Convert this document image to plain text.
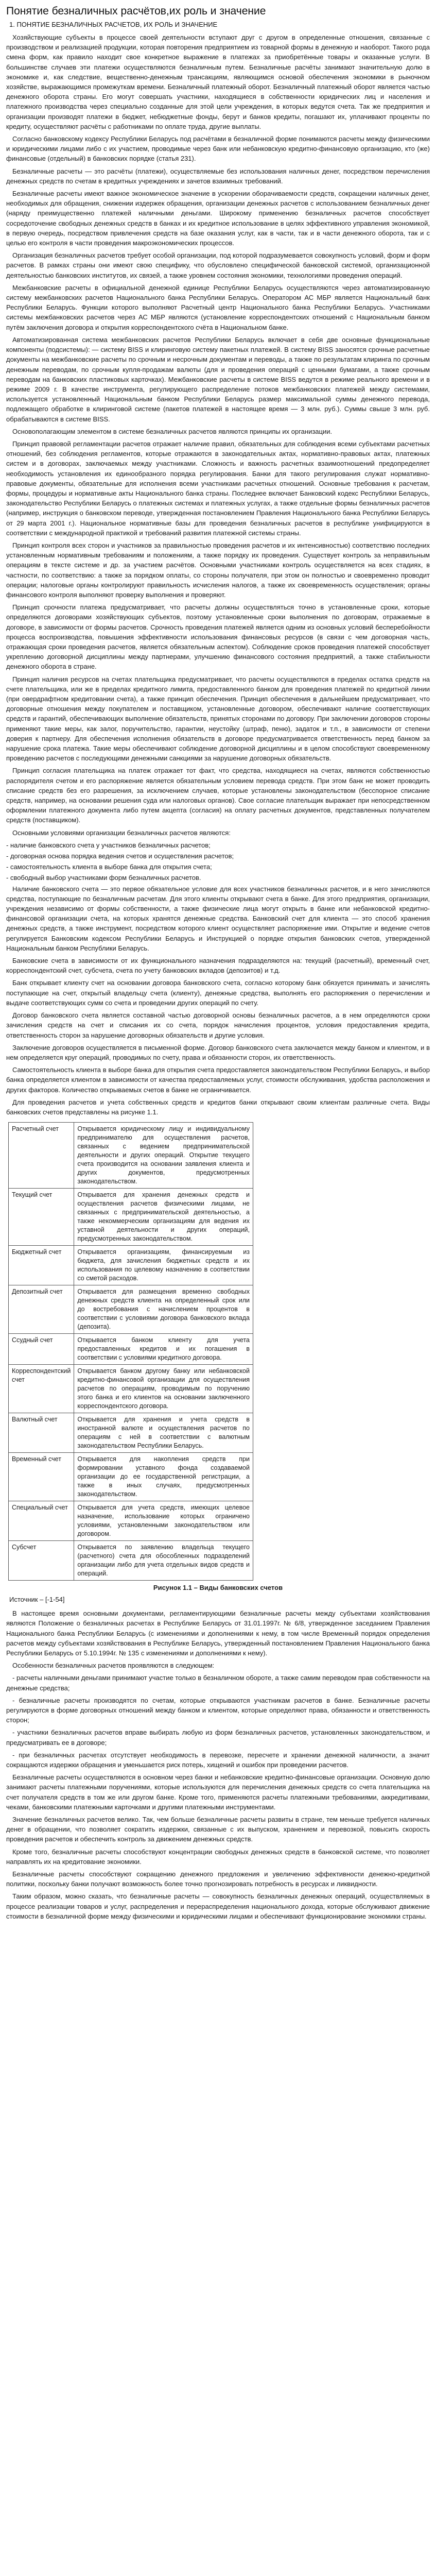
Понятие безналичных расчётов,их роль и значение
1. ПОНЯТИЕ БЕЗНАЛИЧНЫХ РАСЧЕТОВ, ИХ РОЛЬ И ЗНАЧЕНИЕ

Хозяйствующие субъекты в процессе своей деятельности вступают друг с другом в определенные отношения, связанные с производством и реализацией продукции, которая повторения предприятием из товарной формы в денежную и наоборот. Такого рода смена форм, как правило находит свое конкретное выражение в платежах за приобретённые товары и оказанные услуги. В большинстве случаев эти платежи осуществляются безналичным путем. Безналичные расчёты занимают значительную долю в экономике и, как следствие, вещественно-денежным трансакциям, являющимся основой обеспечения экономики в рыночном хозяйстве, выражающимся промежуткам времени. Безналичный платежный оборот. Безналичный платежный оборот является частью денежного оборота страны. Его могут совершать участники, находящиеся в собственности юридических лиц и населения и платежного производства через специально созданные для этой цели учреждения, в которых ведутся счета. Так же предприятия и организации производят платежи в бюджет, небюджетные фонды, берут и банков кредиты, погашают их, уплачивают проценты по кредиту, осуществляют расчёты с работниками по оплате труда, другие выплаты.

Согласно банковскому кодексу Республики Беларусь под расчётами в безналичной форме понимаются расчеты между физическими и юридическими лицами либо с их участием, проводимые через банк или небанковскую кредитно-финансовую организацию, кто (же) финансовые (отдельный) в банковских порядке (статья 231).

Безналичные расчеты — это расчёты (платежи), осуществляемые без использования наличных денег, посредством перечисления денежных средств по счетам в кредитных учреждениях и зачетов взаимных требований.

Безналичные расчеты имеют важное экономическое значение в ускорении оборачиваемости средств, сокращении наличных денег, необходимых для обращения, снижении издержек обращения, организации денежных расчетов с использованием безналичных денег (наряду преимущественно платежей наличными деньгами. Широкому применению безналичных расчетов способствует сосредоточение свободных денежных средств в банках и их кредитное использование в целях эффективного управления экономикой, в первую очередь, посредством привлечения средств на базе оказания услуг, как в части, так и в части денежного оборота, так и с целью его контроля в части проведения макроэкономических процессов.

Организация безналичных расчетов требует особой организации, под которой подразумевается совокупность условий, форм и форм расчетов. В рамках страны они имеют свою специфику, что обусловлено специфической банковской системой, организационной деятельностью банковских институтов, их связей, а также уровнем состояния экономики, технологиями проведения операций.

Межбанковские расчеты в официальной денежной единице Республики Беларусь осуществляются через автоматизированную систему межбанковских расчетов Национального банка Республики Беларусь. Оператором АС МБР является Национальный банк Республики Беларусь. Функции которого выполняют Расчетный центр Национального банка Республики Беларусь. Участниками системы межбанковских расчетов через АС МБР являются (установление корреспондентских отношений с Национальным банком путём заключения договора и открытия корреспондентского счёта в Национальном банке.

Автоматизированная система межбанковских расчетов Республики Беларусь включает в себя две основные функциональные компоненты (подсистемы): — систему BISS и клиринговую систему пакетных платежей. В систему BISS заносятся срочные расчетные документы на межбанковские расчеты по срочным и несрочным документам и переводы, а также по результатам клиринга по срочным денежным переводам, по срочным купля-продажам валюты (для и проведения операций с ценными бумагами, а также срочным переводам на банковских пластиковых карточках). Межбанковские расчеты в системе BISS ведутся в режиме реального времени и в режиме 2009 г. В качестве инструмента, регулирующего распределение потоков межбанковских платежей между системами, используется установленный Национальным банком Республики Беларусь размер максимальной суммы денежного перевода, подлежащего обработке в клиринговой системе (пакетов платежей в настоящее время — 3 млн. руб.). Суммы свыше 3 млн. руб. обрабатываются в системе BISS.

Основополагающим элементом в системе безналичных расчетов являются принципы их организации.

Принцип правовой регламентации расчетов отражает наличие правил, обязательных для соблюдения всеми субъектами расчетных отношений, без соблюдения регламентов, которые отражаются в законодательных актах, нормативно-правовых актах, платежных систем и в договорах, заключаемых между участниками. Сложность и важность расчетных взаимоотношений предопределяет необходимость установления их единообразного порядка регулирования. Банки для такого регулирования служат нормативно-правовые документы, обязательные для исполнения всеми участниками расчетных отношений. Основные требования к расчетам, формы, процедуры и нормативные акты Национального банка страны. Последнее включает Банковский кодекс Республики Беларусь, законодательство Республики Беларусь о платежных системах и платежных услугах, а также отдельные формы безналичных расчетов (например, инструкция о банковском переводе, утвержденная постановлением Правления Национального банка Республики Беларусь от 29 марта 2001 г.). Национальное нормативные базы для проведения безналичных расчетов в республике унифицируются в соответствии с международной практикой и требований развития платежной системы страны.

Принцип контроля всех сторон и участников за правильностью проведения расчетов и их интенсивностью) соответствию последних установленным нормативным требованиям и положениям, а также порядку их проведения. Существует контроль за неправильным операциям в тексте системе и др. за участием расчётов. Основными участниками контроль осуществляется на всех стадиях, в частности, по соответствию: а также за порядком оплаты, со стороны получателя, при этом он полностью и своевременно проводит операции; налоговые органы контролируют правильность исчисления налогов, а также их своевременность осуществления; органы финансового контроля выполняют проверку выполнения и проверяют.

Принцип срочности платежа предусматривает, что расчеты должны осуществляться точно в установленные сроки, которые определяются договорами хозяйствующих субъектов, поэтому установленные сроки выполнения по договорам, отражаемые в договоре, в зависимости от формы расчетов. Срочность проведения платежей является одним из основных условий бесперебойности процесса воспроизводства, повышения эффективности использования финансовых ресурсов (в связи с чем договорная часть, отражающая сроки проведения расчетов, является обязательным аспектом). Соблюдение сроков проведения платежей способствует укреплению договорной дисциплины между партнерами, улучшению финансового состояния предприятий, а также стабильности денежного оборота в стране.

Принцип наличия ресурсов на счетах плательщика предусматривает, что расчеты осуществляются в пределах остатка средств на счете плательщика, или же в пределах кредитного лимита, предоставленного банком для проведения платежей по кредитной линии (при овердрафтном кредитовании счета), а также принцип обеспечения. Принцип обеспечения в дальнейшем предусматривает, что договорные отношения между покупателем и поставщиком, установленные договором, обеспечивают наличие соответствующих средств и гарантий, обеспечивающих выполнение обязательств, принятых сторонами по договору. При заключении договоров стороны применяют такие меры, как залог, поручительство, гарантии, неустойку (штраф, пеню), задаток и т.п., в зависимости от степени доверия к партнеру. Для обеспечения исполнения обязательств в договоре предусматривается ответственность перед банком за нарушение срока платежа. Такие меры обеспечивают соблюдение договорной дисциплины и в целом способствуют своевременному проведению расчетов с последующими денежными санкциями за нарушение договорных обязательств.

Принцип согласия плательщика на платеж отражает тот факт, что средства, находящиеся на счетах, являются собственностью распорядителя счетом и его распоряжение является обязательным условием перевода средств. При этом банк не может проводить списание средств без его разрешения, за исключением случаев, которые установлены законодательством (бесспорное списание средств, например, на основании решения суда или налоговых органов). Свое согласие плательщик выражает при непосредственном оформлении платежного документа либо путем акцепта (согласия) на оплату расчетных документов, представленных получателем средств (поставщиком).

Основными условиями организации безналичных расчетов являются:

- наличие банковского счета у участников безналичных расчетов;

- договорная основа порядка ведения счетов и осуществления расчетов;

- самостоятельность клиента в выборе банка для открытия счета;

- свободный выбор участниками форм безналичных расчетов.

Наличие банковского счета — это первое обязательное условие для всех участников безналичных расчетов, и в него зачисляются средства, поступающие по безналичным расчетам. Для этого клиенты открывают счета в банке. Для этого предприятия, организации, учреждения независимо от формы собственности, а также физические лица могут открыть в банке или небанковской кредитно-финансовой организации счета, на которых хранятся денежные средства. Банковский счет для клиента — это способ хранения денежных средств, а также инструмент, посредством которого клиент осуществляет распоряжение ими. Открытие и ведение счетов регулируется Банковским кодексом Республики Беларусь и Инструкцией о порядке открытия банковских счетов, утвержденной Национальным банком Республики Беларусь.

Банковские счета в зависимости от их функционального назначения подразделяются на: текущий (расчетный), временный счет, корреспондентский счет, субсчета, счета по учету банковских вкладов (депозитов) и т.д.

Банк открывает клиенту счет на основании договора банковского счета, согласно которому банк обязуется принимать и зачислять поступающие на счет, открытый владельцу счета (клиенту), денежные средства, выполнять его распоряжения о перечислении и выдаче соответствующих сумм со счета и проведении других операций по счету.

Договор банковского счета является составной частью договорной основы безналичных расчетов, а в нем определяются сроки зачисления средств на счет и списания их со счета, порядок начисления процентов, условия предоставления кредита, ответственность сторон за нарушение договорных обязательств и другие условия.

Заключение договоров осуществляется в письменной форме. Договор банковского счета заключается между банком и клиентом, и в нем определяется круг операций, проводимых по счету, права и обязанности сторон, их ответственность.

Самостоятельность клиента в выборе банка для открытия счета предоставляется законодательством Республики Беларусь, и выбор банка определяется клиентом в зависимости от качества предоставляемых услуг, стоимости обслуживания, удобства расположения и других факторов. Количество открываемых счетов в банке не ограничивается.

Для проведения расчетов и учета собственных средств и кредитов банки открывают своим клиентам различные счета. Виды банковских счетов представлены на рисунке 1.1.

Расчетный счет	Открывается юридическому лицу и индивидуальному предпринимателю для осуществления расчетов, связанных с ведением предпринимательской деятельности и других операций. Открытие текущего счета производится на основании заявления клиента и других документов, предусмотренных законодательством.
Текущий счет	Открывается для хранения денежных средств и осуществления расчетов физическими лицами, не связанных с предпринимательской деятельностью, а также некоммерческим организациям для ведения их уставной деятельности и других операций, предусмотренных законодательством.
Бюджетный счет	Открывается организациям, финансируемым из бюджета, для зачисления бюджетных средств и их использования по целевому назначению в соответствии со сметой расходов.
Депозитный счет	Открывается для размещения временно свободных денежных средств клиента на определенный срок или до востребования с начислением процентов в соответствии с условиями договора банковского вклада (депозита).
Ссудный счет	Открывается банком клиенту для учета предоставленных кредитов и их погашения в соответствии с условиями кредитного договора.
Корреспондентский счет	Открывается банком другому банку или небанковской кредитно-финансовой организации для осуществления расчетов по операциям, проводимым по поручению этого банка и его клиентов на основании заключенного корреспондентского договора.
Валютный счет	Открывается для хранения и учета средств в иностранной валюте и осуществления расчетов по операциям с ней в соответствии с валютным законодательством Республики Беларусь.
Временный счет	Открывается для накопления средств при формировании уставного фонда создаваемой организации до ее государственной регистрации, а также в иных случаях, предусмотренных законодательством.
Специальный счет	Открывается для учета средств, имеющих целевое назначение, использование которых ограничено условиями, установленными законодательством или договором.
Субсчет	Открывается по заявлению владельца текущего (расчетного) счета для обособленных подразделений организации либо для учета отдельных видов средств и операций.
Рисунок 1.1 – Виды банковских счетов
Источник – [-1-54]

В настоящее время основными документами, регламентирующими безналичные расчеты между субъектами хозяйствования являются Положение о безналичных расчетах в Республике Беларусь от 31.01.1997г. № 6/8, утвержденное заседанием Правления Национального банка Республики Беларусь (с изменениями и дополнениями к нему, в том числе Временный порядок определения расчетов между субъектами хозяйствования в Республике Беларусь, утвержденный постановлением Правления Национального банка Республики Беларусь от 5.10.1994г. № 135 с изменениями и дополнениями к нему).

Особенности безналичных расчетов проявляются в следующем:

- расчеты наличными деньгами принимают участие только в безналичном обороте, а также самим переводом прав собственности на денежные средства;

- безналичные расчеты производятся по счетам, которые открываются участникам расчетов в банке. Безналичные расчеты регулируются в форме договорных отношений между банком и клиентом, которые определяют права, обязанности и ответственность сторон;

- участники безналичных расчетов вправе выбирать любую из форм безналичных расчетов, установленных законодательством, и предусматривать ее в договоре;

- при безналичных расчетах отсутствует необходимость в перевозке, пересчете и хранении денежной наличности, а значит сокращаются издержки обращения и уменьшается риск потерь, хищений и ошибок при проведении расчетов.

Безналичные расчеты осуществляются в основном через банки и небанковские кредитно-финансовые организации. Основную долю занимают расчеты платежными поручениями, которые используются для перечисления денежных средств со счета плательщика на счет получателя средств в том же или другом банке. Кроме того, применяются расчеты платежными требованиями, аккредитивами, чеками, банковскими платежными карточками и другими платежными инструментами.

Значение безналичных расчетов велико. Так, чем больше безналичные расчеты развиты в стране, тем меньше требуется наличных денег в обращении, что позволяет сократить издержки, связанные с их выпуском, хранением и перевозкой, повысить скорость проведения расчетов и обеспечить контроль за движением денежных средств.

Кроме того, безналичные расчеты способствуют концентрации свободных денежных средств в банковской системе, что позволяет направлять их на кредитование экономики.

Безналичные расчеты способствуют сокращению денежного предложения и увеличению эффективности денежно-кредитной политики, поскольку банки получают возможность более точно прогнозировать потребность в ресурсах и ликвидности.

Таким образом, можно сказать, что безналичные расчеты — совокупность безналичных денежных операций, осуществляемых в процессе реализации товаров и услуг, распределения и перераспределения национального дохода, которые обслуживают движение стоимости в безналичной форме между физическими и юридическими лицами и обеспечивают функционирование экономики страны.
